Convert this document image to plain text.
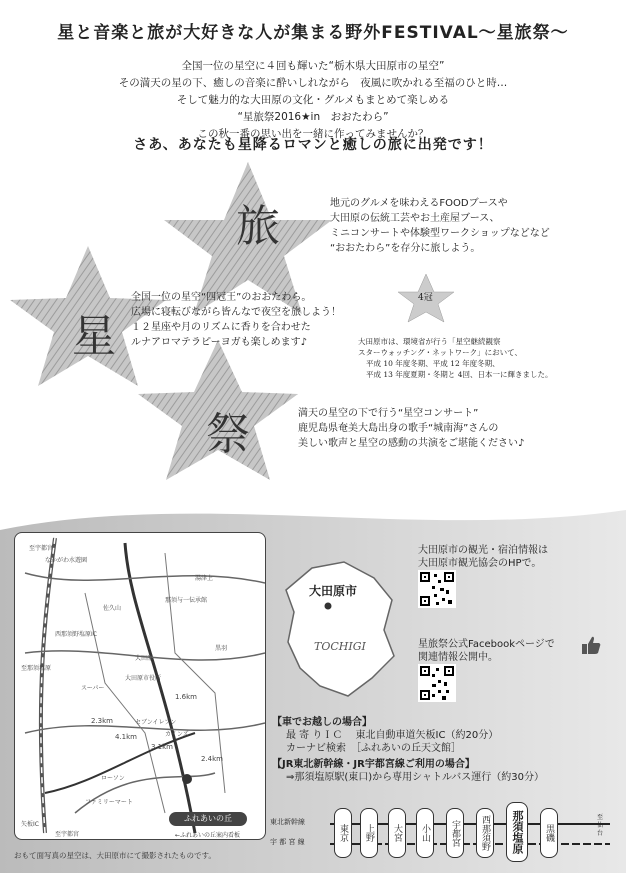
星と音楽と旅が大好きな人が集まる野外FESTIVAL〜星旅祭〜
全国一位の星空に４回も輝いた“栃木県大田原市の星空”
その満天の星の下、癒しの音楽に酔いしれながら　夜風に吹かれる至福のひと時…
そして魅力的な大田原の文化・グルメもまとめて楽しめる
“星旅祭2016★in　おおたわら”
この秋一番の思い出を一緒に作ってみませんか？
さあ、あなたも星降るロマンと癒しの旅に出発です！
旅
星
祭
4冠
地元のグルメを味わえるFOODブースや
大田原の伝統工芸やお土産屋ブース、
ミニコンサートや体験型ワークショップなどなど
“おおたわら”を存分に旅しよう。
全国一位の星空“四冠王”のおおたわら。
広場に寝転びながら皆んなで夜空を旅しよう！
１２星座や月のリズムに香りを合わせた
ルナアロマテラピーヨガも楽しめます♪	大田原市は、環境省が行う「星空継続観察
スターウォッチング・ネットワーク」において、
平成 10 年度冬期、平成 12 年度冬期、
平成 13 年度夏期・冬期と 4回、日本一に輝きました。
満天の星空の下で行う“星空コンサート”
鹿児島県奄美大島出身の歌手“城南海”さんの
美しい歌声と星空の感動の共演をご堪能ください♪
至宇都宮
佐久山
大田原
黒羽
湯津上
那須与一伝承館
大田原市役所
なかがわ水遊園
西那須野塩原IC
ファミリーマート
セブンイレブン
ローソン
カインズ
スーパー
至那須塩原
2.3km
1.6km
3.1km
4.1km
2.4km
矢板IC
至宇都宮
ふれあいの丘
←ふれあいの丘案内看板
大田原市
TOCHIGI
大田原市の観光・宿泊情報は
大田原市観光協会のHPで。
星旅祭公式Facebookページで
関連情報公開中。
【車でお越しの場合】
最 寄 りＩＣ　 東北自動車道矢板IC（約20分）
カーナビ検索　［ふれあいの丘天文館］
【JR東北新幹線・JR宇都宮線ご利用の場合】
⇒那須塩原駅(東口)から専用シャトルバス運行（約30分）
東北新幹線
宇 都 宮 線	東京	上野	大宮	小山	宇都宮	西那須野	那須塩原	黒磯
至 仙台
おもて面写真の星空は、大田原市にて撮影されたものです。
